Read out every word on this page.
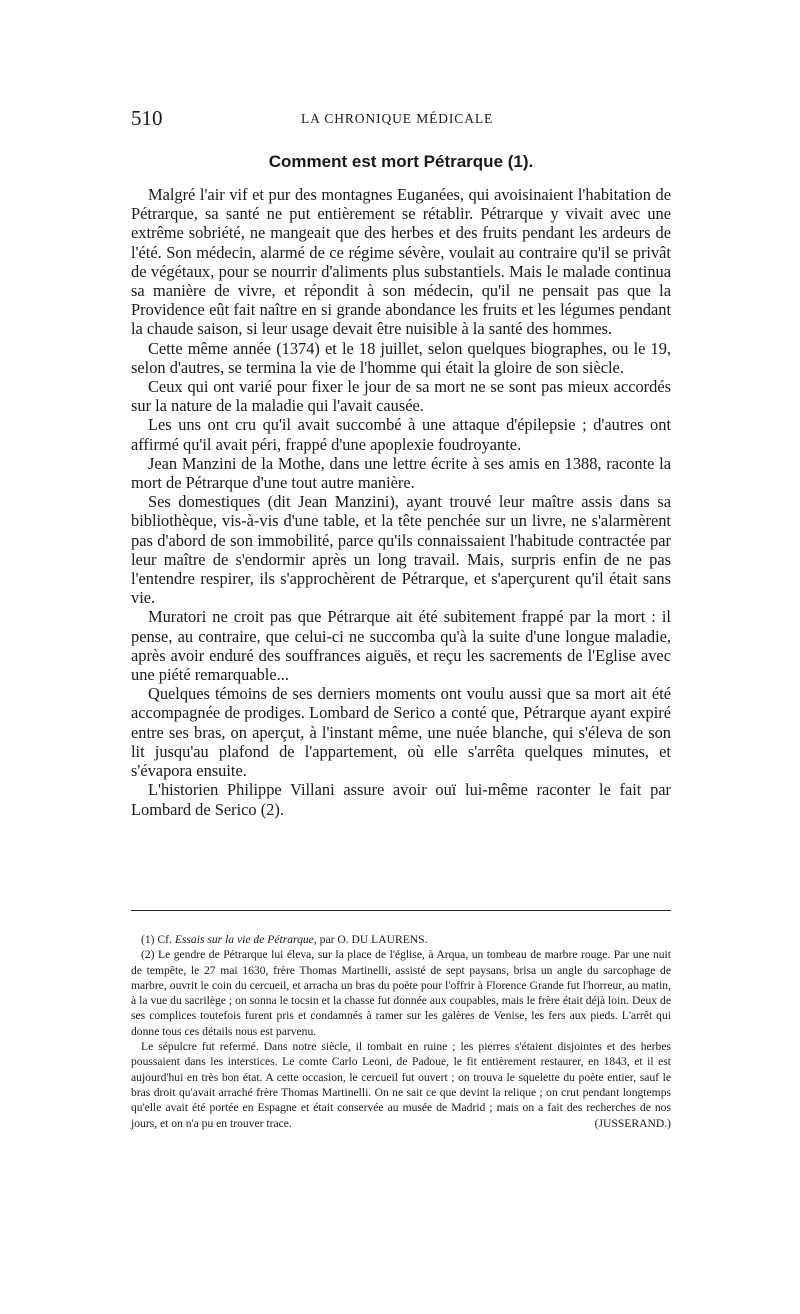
510	LA CHRONIQUE MÉDICALE
Comment est mort Pétrarque (1).

Malgré l'air vif et pur des montagnes Euganées, qui avoisinaient l'habitation de Pétrarque, sa santé ne put entièrement se rétablir. Pétrarque y vivait avec une extrême sobriété, ne mangeait que des herbes et des fruits pendant les ardeurs de l'été. Son médecin, alarmé de ce régime sévère, voulait au contraire qu'il se privât de végétaux, pour se nourrir d'aliments plus substantiels. Mais le malade continua sa manière de vivre, et répondit à son médecin, qu'il ne pensait pas que la Providence eût fait naître en si grande abondance les fruits et les légumes pendant la chaude saison, si leur usage devait être nuisible à la santé des hommes.

Cette même année (1374) et le 18 juillet, selon quelques biographes, ou le 19, selon d'autres, se termina la vie de l'homme qui était la gloire de son siècle.

Ceux qui ont varié pour fixer le jour de sa mort ne se sont pas mieux accordés sur la nature de la maladie qui l'avait causée.

Les uns ont cru qu'il avait succombé à une attaque d'épilepsie ; d'autres ont affirmé qu'il avait péri, frappé d'une apoplexie foudroyante.

Jean Manzini de la Mothe, dans une lettre écrite à ses amis en 1388, raconte la mort de Pétrarque d'une tout autre manière.

Ses domestiques (dit Jean Manzini), ayant trouvé leur maître assis dans sa bibliothèque, vis-à-vis d'une table, et la tête penchée sur un livre, ne s'alarmèrent pas d'abord de son immobilité, parce qu'ils connaissaient l'habitude contractée par leur maître de s'endormir après un long travail. Mais, surpris enfin de ne pas l'entendre respirer, ils s'approchèrent de Pétrarque, et s'aperçurent qu'il était sans vie.

Muratori ne croit pas que Pétrarque ait été subitement frappé par la mort : il pense, au contraire, que celui-ci ne succomba qu'à la suite d'une longue maladie, après avoir enduré des souffrances aiguës, et reçu les sacrements de l'Eglise avec une piété remarquable...

Quelques témoins de ses derniers moments ont voulu aussi que sa mort ait été accompagnée de prodiges. Lombard de Serico a conté que, Pétrarque ayant expiré entre ses bras, on aperçut, à l'instant même, une nuée blanche, qui s'éleva de son lit jusqu'au plafond de l'appartement, où elle s'arrêta quelques minutes, et s'évapora ensuite.

L'historien Philippe Villani assure avoir ouï lui-même raconter le fait par Lombard de Serico (2).

(1) Cf. Essais sur la vie de Pétrarque, par O. DU LAURENS.

(2) Le gendre de Pétrarque lui éleva, sur la place de l'église, à Arqua, un tombeau de marbre rouge. Par une nuit de tempête, le 27 mai 1630, frère Thomas Martinelli, assisté de sept paysans, brisa un angle du sarcophage de marbre, ouvrit le coin du cercueil, et arracha un bras du poète pour l'offrir à Florence Grande fut l'horreur, au matin, à la vue du sacrilège ; on sonna le tocsin et la chasse fut donnée aux coupables, mais le frère était déjà loin. Deux de ses complices toutefois furent pris et condamnés à ramer sur les galères de Venise, les fers aux pieds. L'arrêt qui donne tous ces détails nous est parvenu.

Le sépulcre fut refermé. Dans notre siècle, il tombait en ruine ; les pierres s'étaient disjointes et des herbes poussaient dans les interstices. Le comte Carlo Leoni, de Padoue, le fit entièrement restaurer, en 1843, et il est aujourd'hui en très bon état. A cette occasion, le cercueil fut ouvert ; on trouva le squelette du poète entier, sauf le bras droit qu'avait arraché frère Thomas Martinelli. On ne sait ce que devint la relique ; on crut pendant longtemps qu'elle avait été portée en Espagne et était conservée au musée de Madrid ; mais on a fait des recherches de nos jours, et on n'a pu en trouver trace.	(JUSSERAND.)
